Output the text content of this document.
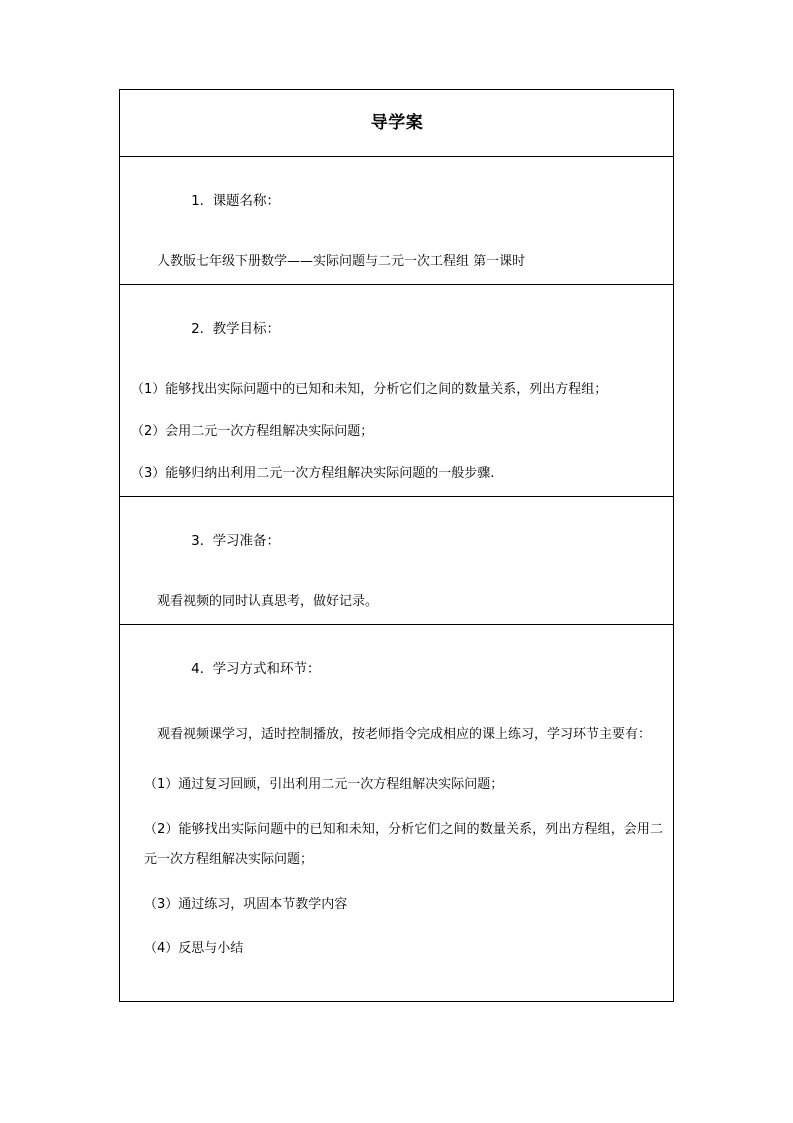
导学案

1. 课题名称：

人教版七年级下册数学——实际问题与二元一次工程组 第一课时

2. 教学目标：

（1）能够找出实际问题中的已知和未知，分析它们之间的数量关系，列出方程组；

（2）会用二元一次方程组解决实际问题；

（3）能够归纳出利用二元一次方程组解决实际问题的一般步骤.

3. 学习准备：

观看视频的同时认真思考，做好记录。

4. 学习方式和环节：

观看视频课学习，适时控制播放，按老师指令完成相应的课上练习，学习环节主要有：

（1）通过复习回顾，引出利用二元一次方程组解决实际问题；

（2）能够找出实际问题中的已知和未知，分析它们之间的数量关系，列出方程组，会用二元一次方程组解决实际问题；

（3）通过练习，巩固本节教学内容

（4）反思与小结
